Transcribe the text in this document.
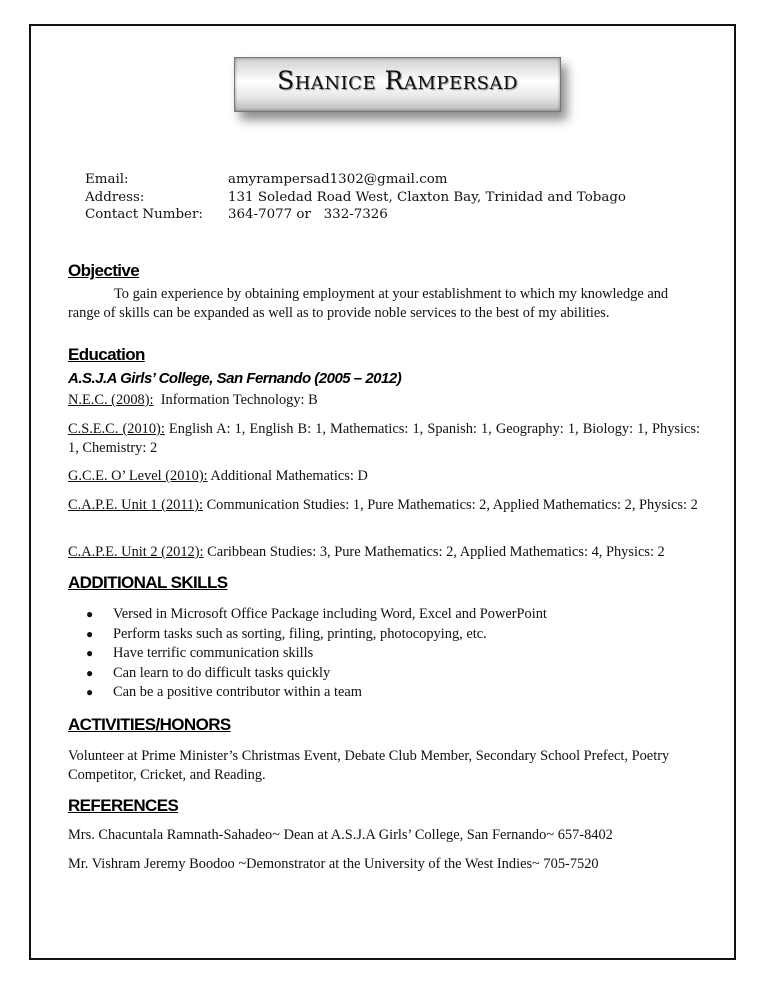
Shanice Rampersad
Email:	amyrampersad1302@gmail.com
Address:	131 Soledad Road West, Claxton Bay, Trinidad and Tobago
Contact Number:	364-7077 or   332-7326
Objective
To gain experience by obtaining employment at your establishment to which my knowledge and range of skills can be expanded as well as to provide noble services to the best of my abilities.
Education
A.S.J.A Girls’ College, San Fernando (2005 – 2012)
N.E.C. (2008):  Information Technology: B
C.S.E.C. (2010): English A: 1, English B: 1, Mathematics: 1, Spanish: 1, Geography: 1, Biology: 1, Physics: 1, Chemistry: 2
G.C.E. O’ Level (2010): Additional Mathematics: D
C.A.P.E. Unit 1 (2011): Communication Studies: 1, Pure Mathematics: 2, Applied Mathematics: 2, Physics: 2
C.A.P.E. Unit 2 (2012): Caribbean Studies: 3, Pure Mathematics: 2, Applied Mathematics: 4, Physics: 2
ADDITIONAL SKILLS
●	Versed in Microsoft Office Package including Word, Excel and PowerPoint
●	Perform tasks such as sorting, filing, printing, photocopying, etc.
●	Have terrific communication skills
●	Can learn to do difficult tasks quickly
●	Can be a positive contributor within a team
ACTIVITIES/HONORS
Volunteer at Prime Minister’s Christmas Event, Debate Club Member, Secondary School Prefect, Poetry Competitor, Cricket, and Reading.
REFERENCES
Mrs. Chacuntala Ramnath-Sahadeo~ Dean at A.S.J.A Girls’ College, San Fernando~ 657-8402
Mr. Vishram Jeremy Boodoo ~Demonstrator at the University of the West Indies~ 705-7520
